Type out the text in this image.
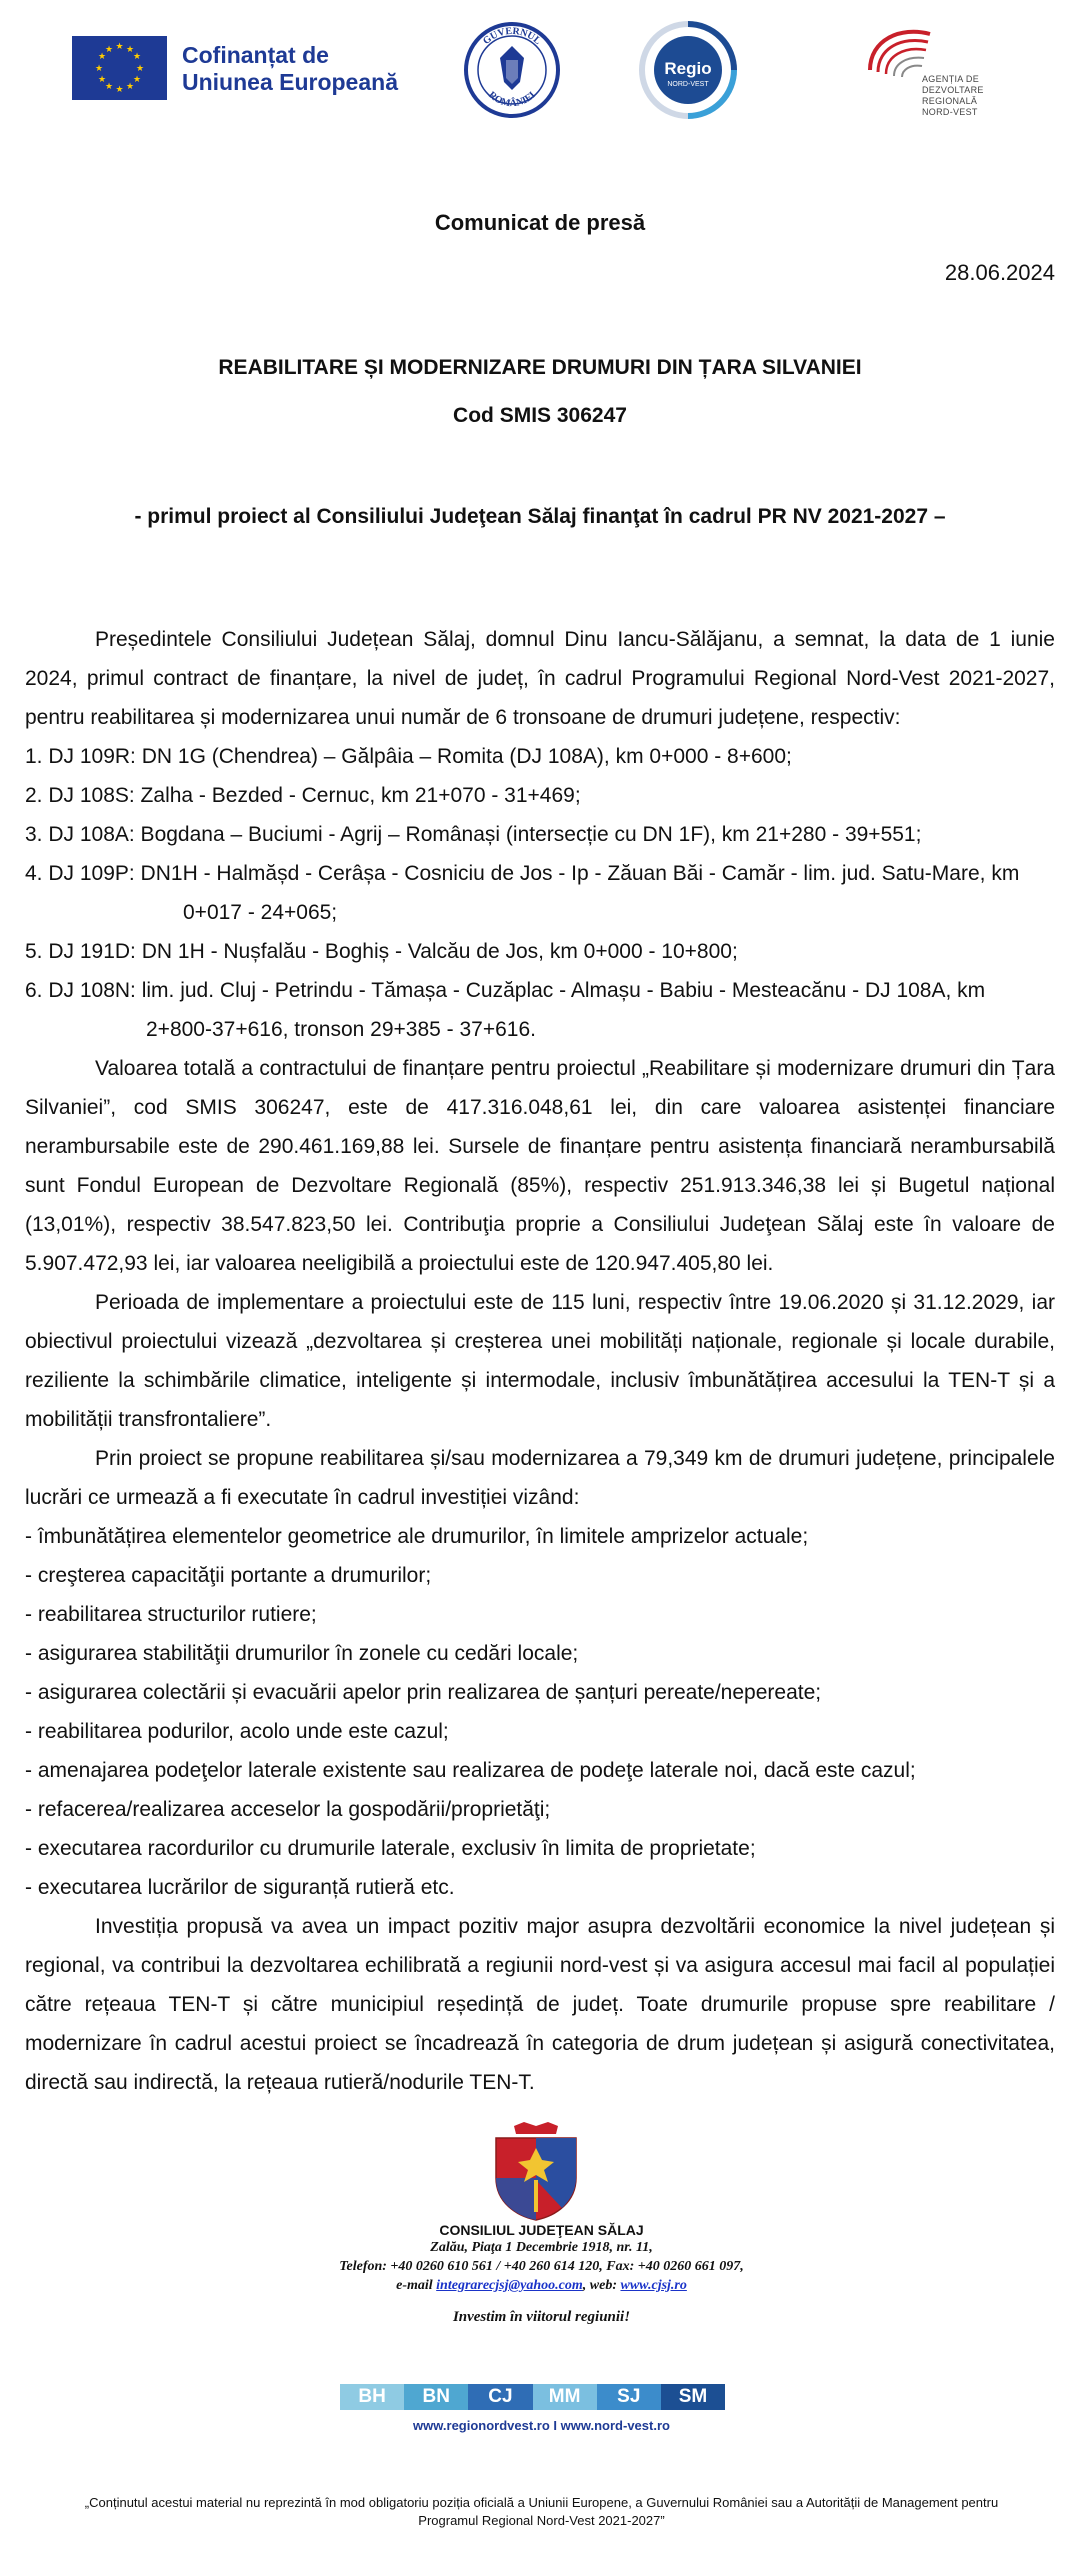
★ ★
★
★
★
★
★
★
★
★
★
★	Cofinanțat de
Uniunea Europeană
GUVERNUL
ROMÂNIEI
Regio
NORD-VEST
AGENȚIA DE
DEZVOLTARE REGIONALĂ
NORD-VEST
Comunicat de presă
28.06.2024
REABILITARE ȘI MODERNIZARE DRUMURI DIN ȚARA SILVANIEI
Cod SMIS 306247
- primul proiect al Consiliului Judeţean Sălaj finanţat în cadrul PR NV 2021-2027 –

Președintele Consiliului Județean Sălaj, domnul Dinu Iancu-Sălăjanu, a semnat, la data de 1 iunie 2024, primul contract de finanțare, la nivel de județ, în cadrul Programului Regional Nord-Vest 2021-2027, pentru reabilitarea și modernizarea unui număr de 6 tronsoane de drumuri județene, respectiv:

1. DJ 109R: DN 1G (Chendrea) – Gălpâia – Romita (DJ 108A), km 0+000 - 8+600;

2. DJ 108S: Zalha - Bezded - Cernuc, km 21+070 - 31+469;

3. DJ 108A: Bogdana – Buciumi - Agrij – Românași (intersecție cu DN 1F), km 21+280 - 39+551;

4. DJ 109P: DN1H - Halmășd - Cerâșa - Cosniciu de Jos - Ip - Zăuan Băi - Camăr - lim. jud. Satu-Mare, km

0+017 - 24+065;

5. DJ 191D: DN 1H - Nușfalău - Boghiș - Valcău de Jos, km 0+000 - 10+800;

6. DJ 108N: lim. jud. Cluj - Petrindu - Tămașa - Cuzăplac - Almașu - Babiu - Mesteacănu - DJ 108A, km

2+800-37+616, tronson 29+385 - 37+616.

Valoarea totală a contractului de finanțare pentru proiectul „Reabilitare și modernizare drumuri din Țara Silvaniei”, cod SMIS 306247, este de 417.316.048,61 lei, din care valoarea asistenței financiare nerambursabile este de 290.461.169,88 lei. Sursele de finanțare pentru asistența financiară nerambursabilă sunt Fondul European de Dezvoltare Regională (85%), respectiv 251.913.346,38 lei și Bugetul național (13,01%), respectiv 38.547.823,50 lei. Contribuţia proprie a Consiliului Judeţean Sălaj este în valoare de 5.907.472,93 lei, iar valoarea neeligibilă a proiectului este de 120.947.405,80 lei.

Perioada de implementare a proiectului este de 115 luni, respectiv între 19.06.2020 și 31.12.2029, iar obiectivul proiectului vizează „dezvoltarea și creșterea unei mobilități naționale, regionale și locale durabile, reziliente la schimbările climatice, inteligente și intermodale, inclusiv îmbunătățirea accesului la TEN-T și a mobilității transfrontaliere”.

Prin proiect se propune reabilitarea și/sau modernizarea a 79,349 km de drumuri județene, principalele lucrări ce urmează a fi executate în cadrul investiției vizând:

- îmbunătățirea elementelor geometrice ale drumurilor, în limitele amprizelor actuale;

- creşterea capacităţii portante a drumurilor;

- reabilitarea structurilor rutiere;

- asigurarea stabilităţii drumurilor în zonele cu cedări locale;

- asigurarea colectării și evacuării apelor prin realizarea de șanțuri pereate/nepereate;

- reabilitarea podurilor, acolo unde este cazul;

- amenajarea podeţelor laterale existente sau realizarea de podeţe laterale noi, dacă este cazul;

- refacerea/realizarea acceselor la gospodării/proprietăţi;

- executarea racordurilor cu drumurile laterale, exclusiv în limita de proprietate;

- executarea lucrărilor de siguranță rutieră etc.

Investiția propusă va avea un impact pozitiv major asupra dezvoltării economice la nivel județean și regional, va contribui la dezvoltarea echilibrată a regiunii nord-vest și va asigura accesul mai facil al populației către rețeaua TEN-T și către municipiul reședință de județ. Toate drumurile propuse spre reabilitare / modernizare în cadrul acestui proiect se încadrează în categoria de drum județean și asigură conectivitatea, directă sau indirectă, la rețeaua rutieră/nodurile TEN-T.

CONSILIUL JUDEŢEAN SĂLAJ
Zalău, Piaţa 1 Decembrie 1918, nr. 11,
Telefon: +40 0260 610 561 / +40 260 614 120, Fax: +40 0260 661 097,
e-mail integrarecjsj@yahoo.com, web: www.cjsj.ro
Investim în viitorul regiunii!
BH	BN	CJ	MM	SJ	SM
www.regionordvest.ro I www.nord-vest.ro
„Conținutul acestui material nu reprezintă în mod obligatoriu poziția oficială a Uniunii Europene, a Guvernului României sau a Autorității de Management pentru Programul Regional Nord-Vest 2021-2027”
